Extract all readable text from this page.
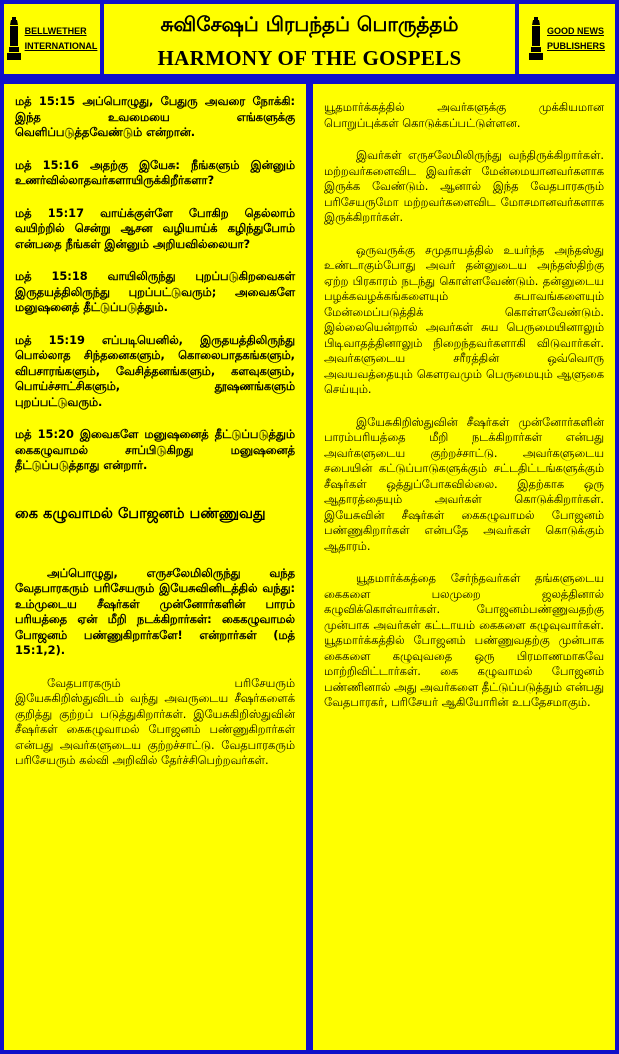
BELLWETHER
INTERNATIONAL
சுவிசேஷப் பிரபந்தப் பொருத்தம்
HARMONY OF THE GOSPELS
GOOD NEWS
PUBLISHERS

மத் 15:15 அப்பொழுது, பேதுரு அவரை நோக்கி: இந்த உவமையை எங்களுக்கு வெளிப்படுத்தவேண்டும் என்றான்.

மத் 15:16 அதற்கு இயேசு: நீங்களும் இன்னும் உணர்வில்லாதவர்களாயிருக்கிறீர்களா?

மத் 15:17 வாய்க்குள்ளே போகிற தெல்லாம் வயிற்றில் சென்று ஆசன வழியாய்க் கழிந்துபோம் என்பதை நீங்கள் இன்னும் அறியவில்லையா?

மத் 15:18 வாயிலிருந்து புறப்படுகிறவைகள் இருதயத்திலிருந்து புறப்பட்டுவரும்; அவைகளே மனுஷனைத் தீட்டுப்படுத்தும்.

மத் 15:19 எப்படியெனில், இருதயத்திலிருந்து பொல்லாத சிந்தனைகளும், கொலைபாதகங்களும், விபசாரங்களும், வேசித்தனங்களும், களவுகளும், பொய்ச்சாட்சிகளும், தூஷணங்களும் புறப்பட்டுவரும்.

மத் 15:20 இவைகளே மனுஷனைத் தீட்டுப்படுத்தும் கைகழுவாமல் சாப்பிடுகிறது மனுஷனைத் தீட்டுப்படுத்தாது என்றார்.

கை கழுவாமல் போஜனம் பண்ணுவது

அப்பொழுது, எருசலேமிலிருந்து வந்த வேதபாரகரும் பரிசேயரும் இயேசுவினிடத்தில் வந்து: உம்முடைய சீஷர்கள் முன்னோர்களின் பாரம் பரியத்தை ஏன் மீறி நடக்கிறார்கள்: கைகழுவாமல் போஜனம் பண்ணுகிறார்களே! என்றார்கள் (மத் 15:1,2).

வேதபாரகரும் பரிசேயரும் இயேசுகிறிஸ்துவிடம் வந்து அவருடைய சீஷர்களைக் குறித்து குற்றப் படுத்துகிறார்கள். இயேசுகிறிஸ்துவின் சீஷர்கள் கைகழுவாமல் போஜனம் பண்ணுகிறார்கள் என்பது அவர்களுடைய குற்றச்சாட்டு. வேதபாரகரும் பரிசேயரும் கல்வி அறிவில் தேர்ச்சிபெற்றவர்கள்.

யூதமார்க்கத்தில் அவர்களுக்கு முக்கியமான பொறுப்புக்கள் கொடுக்கப்பட்டுள்ளன.

இவர்கள் எருசலேமிலிருந்து வந்திருக்கிறார்கள். மற்றவர்களைவிட இவர்கள் மேன்மையானவர்களாக இருக்க வேண்டும். ஆனால் இந்த வேதபாரகரும் பரிசேயருமோ மற்றவர்களைவிட மோசமானவர்களாக இருக்கிறார்கள்.

ஒருவருக்கு சமுதாயத்தில் உயர்ந்த அந்தஸ்து உண்டாகும்போது அவர் தன்னுடைய அந்தஸ்திற்கு ஏற்ற பிரகாரம் நடந்து கொள்ளவேண்டும். தன்னுடைய பழக்கவழக்கங்களையும் சுபாவங்களையும் மேன்மைப்படுத்திக் கொள்ளவேண்டும். இல்லையென்றால் அவர்கள் சுய பெருமையினாலும் பிடிவாதத்தினாலும் நிறைந்தவர்களாகி விடுவார்கள். அவர்களுடைய சரீரத்தின் ஒவ்வொரு அவயவத்தையும் கௌரவமும் பெருமையும் ஆளுகை செய்யும்.

இயேசுகிறிஸ்துவின் சீஷர்கள் முன்னோர்களின் பாரம்பரியத்தை மீறி நடக்கிறார்கள் என்பது அவர்களுடைய குற்றச்சாட்டு. அவர்களுடைய சபையின் கட்டுப்பாடுகளுக்கும் சட்டதிட்டங்களுக்கும் சீஷர்கள் ஒத்துப்போகவில்லை. இதற்காக ஒரு ஆதாரத்தையும் அவர்கள் கொடுக்கிறார்கள். இயேசுவின் சீஷர்கள் கைகழுவாமல் போஜனம் பண்ணுகிறார்கள் என்பதே அவர்கள் கொடுக்கும் ஆதாரம்.

யூதமார்க்கத்தை சேர்ந்தவர்கள் தங்களுடைய கைகளை பலமுறை ஜலத்தினால் கழுவிக்கொள்வார்கள். போஜனம்பண்ணுவதற்கு முன்பாக அவர்கள் கட்டாயம் கைகளை கழுவுவார்கள். யூதமார்க்கத்தில் போஜனம் பண்ணுவதற்கு முன்பாக கைகளை கழுவுவதை ஒரு பிரமாணமாகவே மாற்றிவிட்டார்கள். கை கழுவாமல் போஜனம் பண்ணினால் அது அவர்களை தீட்டுப்படுத்தும் என்பது வேதபாரகர், பரிசேயர் ஆகியோரின் உபதேசமாகும்.
